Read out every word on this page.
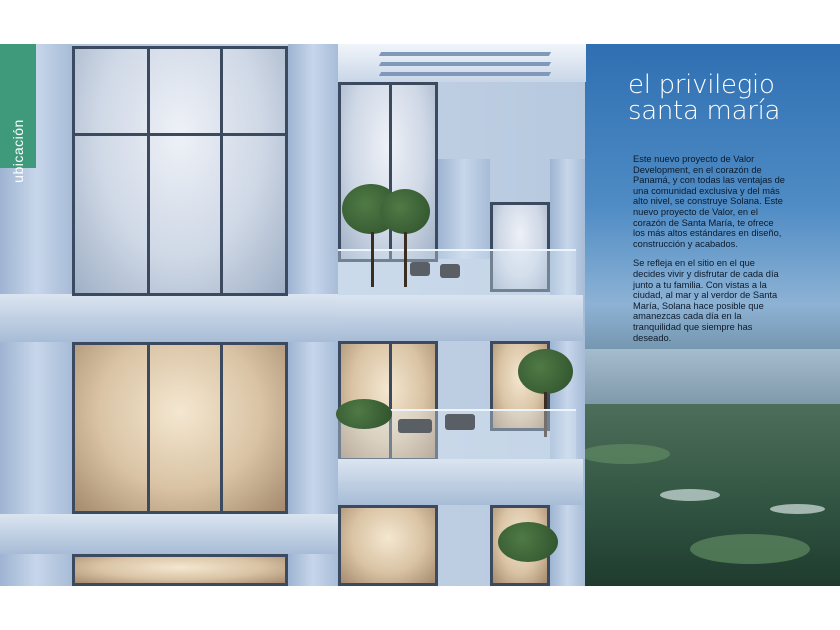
ubicación
el privilegio
santa maría

Este nuevo proyecto de Valor Development, en el corazón de Panamá, y con todas las ventajas de una comunidad exclusiva y del más alto nivel, se construye Solana. Este nuevo proyecto de Valor, en el corazón de Santa María, te ofrece los más altos estándares en diseño, construcción y acabados.

Se refleja en el sitio en el que decides vivir y disfrutar de cada día junto a tu familia. Con vistas a la ciudad, al mar y al verdor de Santa María, Solana hace posible que amanezcas cada día en la tranquilidad que siempre has deseado.
